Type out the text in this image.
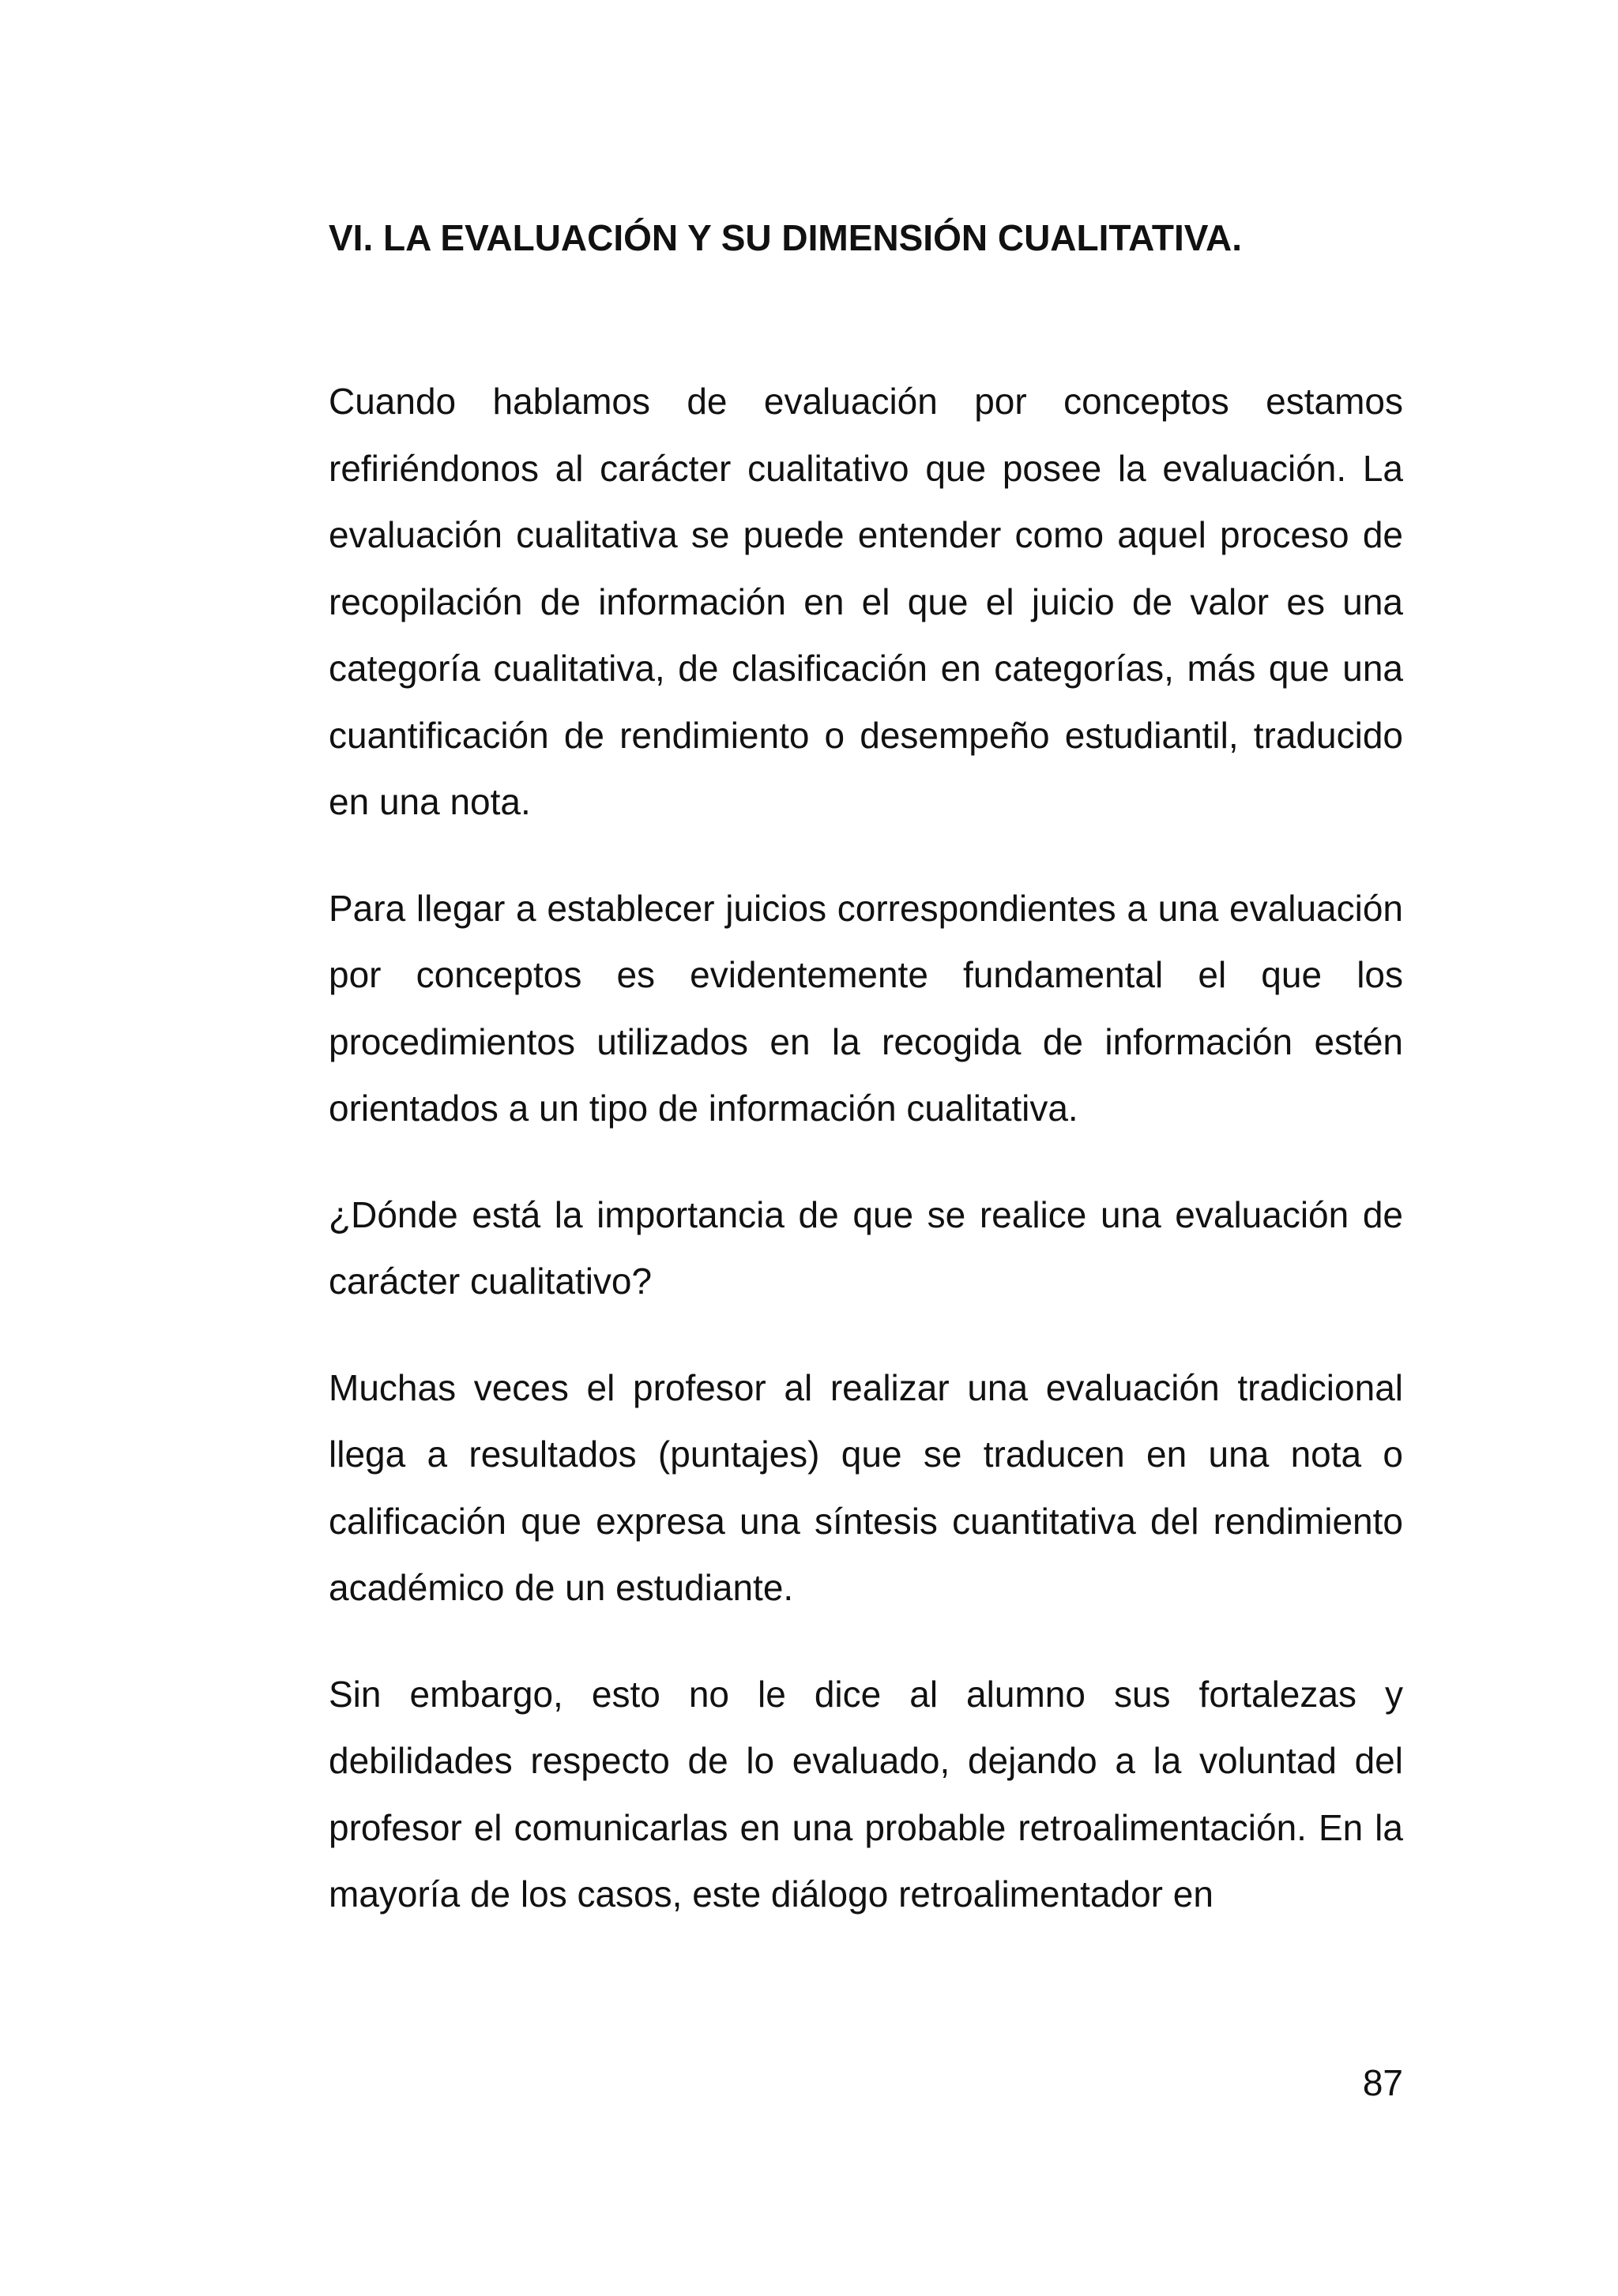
VI. LA EVALUACIÓN Y SU DIMENSIÓN CUALITATIVA.

Cuando hablamos de evaluación por conceptos estamos refiriéndonos al carácter cualitativo que posee la evaluación. La evaluación cualitativa se puede entender como aquel proceso de recopilación de información en el que el juicio de valor es una categoría cualitativa, de clasificación en categorías, más que una cuantificación de rendimiento o desempeño estudiantil, traducido en una nota.

Para llegar a establecer juicios correspondientes a una evaluación por conceptos es evidentemente fundamental el que los procedimientos utilizados en la recogida de información estén orientados a un tipo de información cualitativa.

¿Dónde está la importancia de que se realice una evaluación de carácter cualitativo?

Muchas veces el profesor al realizar una evaluación tradicional llega a resultados (puntajes) que se traducen en una nota o calificación que expresa una síntesis cuantitativa del rendimiento académico de un estudiante.

Sin embargo, esto no le dice al alumno sus fortalezas y debilidades respecto de lo evaluado, dejando a la voluntad del profesor el comunicarlas en una probable retroalimentación. En la mayoría de los casos, este diálogo retroalimentador en

87
